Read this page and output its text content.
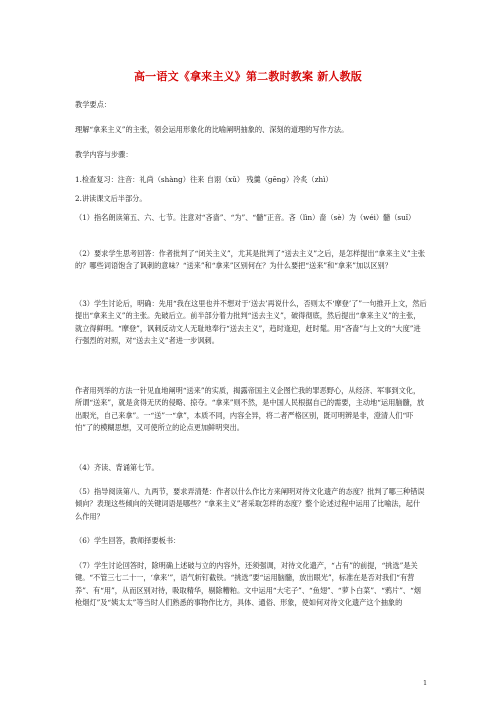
高一语文《拿来主义》第二教时教案 新人教版

教学要点：

理解“拿来主义”的主张，领会运用形象化的比喻阐明抽象的、深刻的道理的写作方法。

教学内容与步骤：

1.检查复习：注音：礼尚（shàng）往来 自诩（xǔ） 残羹（gēng）冷炙（zhì）

2.讲读课文后半部分。

（1）指名朗读第五、六、七节。注意对“吝啬”、“为”、“髓”正音。吝（lìn）啬（sè）为（wéi）髓（suǐ）

（2）要求学生思考回答：作者批判了“闭关主义”，尤其是批判了“送去主义”之后，是怎样提出“拿来主义”主张的？哪些词语饱含了讽刺的意味？“送来”和“拿来”区别何在？为什么要把“送来”和“拿来”加以区别？

（3）学生讨论后，明确：先用“我在这里也并不想对于‘送去’再说什么，否则太不‘摩登’了”一句推开上文，然后提出“拿来主义”的主张。先破后立。前半部分着力批判“送去主义”，破得彻底，然后提出“拿来主义”的主张，就立得鲜明。“摩登”，讽刺反动文人无耻地奉行“送去主义”，趋时逢迎，赶时髦。用“吝啬”与上文的“大度”进行强烈的对照，对“送去主义”者进一步讽刺。

作者用列举的方法一针见血地阐明“送来”的实质，揭露帝国主义企图伫我的罪恶野心，从经济、军事到文化，所谓“送来”，就是贪得无厌的侵略、掠夺。“拿来”则不然，是中国人民根据自己的需要，主动地“运用脑髓，放出眼光，自己来拿”。一“送”一“拿”，本质不同，内容全异，将二者严格区别，既可明辨是非，澄清人们“吓怕”了的模糊思想，又可使所立的论点更加鲜明突出。

（4）齐读、背诵第七节。

（5）指导阅读第八、九两节，要求弄清楚：作者以什么作比方来阐明对待文化遗产的态度？批判了哪三种错误倾向？表现这些倾向的关键词语是哪些？“拿来主义”者采取怎样的态度？整个论述过程中运用了比喻法，起什么作用？

（6）学生回答，教师择要板书：

（7）学生讨论回答时，除明确上述破与立的内容外，还须强调，对待文化遗产，“占有”的前提，“挑选”是关键。“不管三七二十一，‘拿来’”，语气斩钉截铁。“挑选”要“运用脑髓，放出眼光”，标准在是否对我们“有营养”、有“用”，从而区别对待，吸取精华，剔除糟粕。文中运用“大宅子”、“鱼翅”、“萝卜白菜”、“鸦片”、“烟枪烟灯”及“姨太太”等当时人们熟悉的事物作比方，具体、通俗、形象，使如何对待文化遗产这个抽象的

1
